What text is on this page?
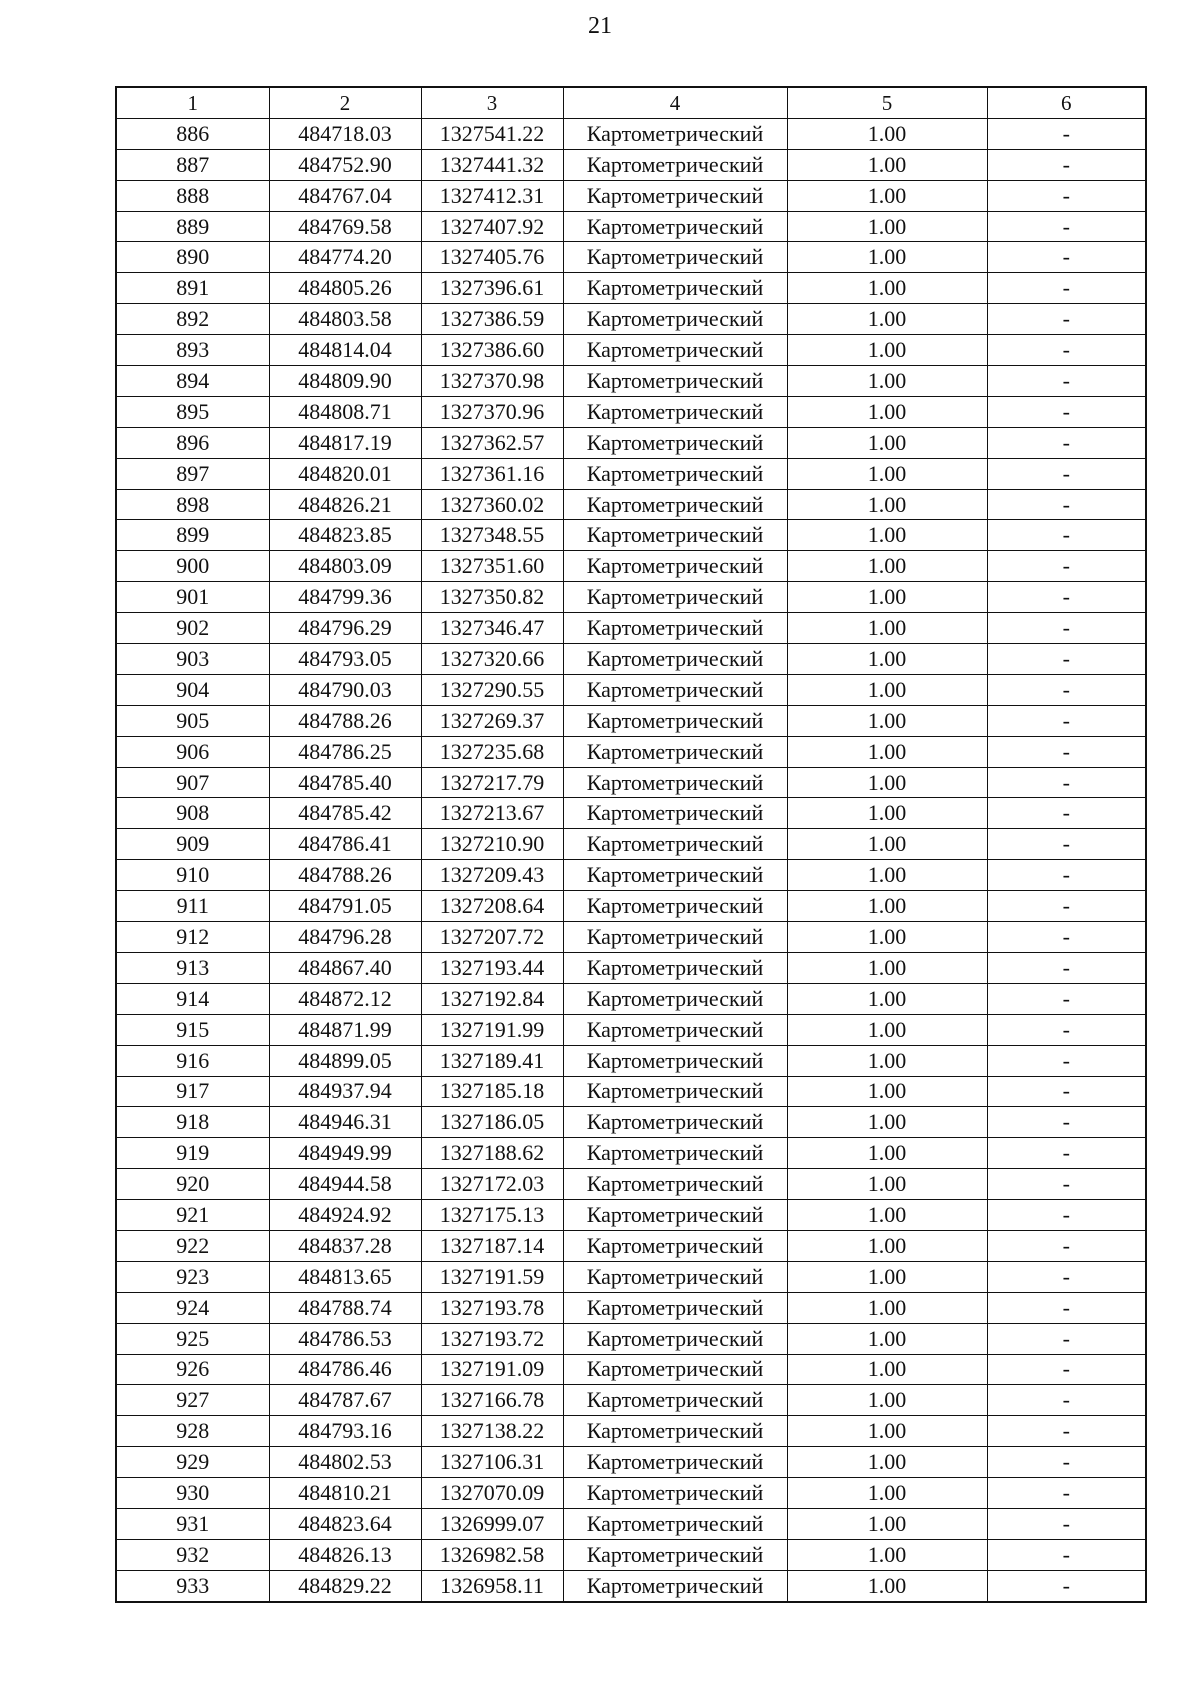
21
1	2	3	4	5	6
886	484718.03	1327541.22	Картометрический	1.00	-
887	484752.90	1327441.32	Картометрический	1.00	-
888	484767.04	1327412.31	Картометрический	1.00	-
889	484769.58	1327407.92	Картометрический	1.00	-
890	484774.20	1327405.76	Картометрический	1.00	-
891	484805.26	1327396.61	Картометрический	1.00	-
892	484803.58	1327386.59	Картометрический	1.00	-
893	484814.04	1327386.60	Картометрический	1.00	-
894	484809.90	1327370.98	Картометрический	1.00	-
895	484808.71	1327370.96	Картометрический	1.00	-
896	484817.19	1327362.57	Картометрический	1.00	-
897	484820.01	1327361.16	Картометрический	1.00	-
898	484826.21	1327360.02	Картометрический	1.00	-
899	484823.85	1327348.55	Картометрический	1.00	-
900	484803.09	1327351.60	Картометрический	1.00	-
901	484799.36	1327350.82	Картометрический	1.00	-
902	484796.29	1327346.47	Картометрический	1.00	-
903	484793.05	1327320.66	Картометрический	1.00	-
904	484790.03	1327290.55	Картометрический	1.00	-
905	484788.26	1327269.37	Картометрический	1.00	-
906	484786.25	1327235.68	Картометрический	1.00	-
907	484785.40	1327217.79	Картометрический	1.00	-
908	484785.42	1327213.67	Картометрический	1.00	-
909	484786.41	1327210.90	Картометрический	1.00	-
910	484788.26	1327209.43	Картометрический	1.00	-
911	484791.05	1327208.64	Картометрический	1.00	-
912	484796.28	1327207.72	Картометрический	1.00	-
913	484867.40	1327193.44	Картометрический	1.00	-
914	484872.12	1327192.84	Картометрический	1.00	-
915	484871.99	1327191.99	Картометрический	1.00	-
916	484899.05	1327189.41	Картометрический	1.00	-
917	484937.94	1327185.18	Картометрический	1.00	-
918	484946.31	1327186.05	Картометрический	1.00	-
919	484949.99	1327188.62	Картометрический	1.00	-
920	484944.58	1327172.03	Картометрический	1.00	-
921	484924.92	1327175.13	Картометрический	1.00	-
922	484837.28	1327187.14	Картометрический	1.00	-
923	484813.65	1327191.59	Картометрический	1.00	-
924	484788.74	1327193.78	Картометрический	1.00	-
925	484786.53	1327193.72	Картометрический	1.00	-
926	484786.46	1327191.09	Картометрический	1.00	-
927	484787.67	1327166.78	Картометрический	1.00	-
928	484793.16	1327138.22	Картометрический	1.00	-
929	484802.53	1327106.31	Картометрический	1.00	-
930	484810.21	1327070.09	Картометрический	1.00	-
931	484823.64	1326999.07	Картометрический	1.00	-
932	484826.13	1326982.58	Картометрический	1.00	-
933	484829.22	1326958.11	Картометрический	1.00	-
